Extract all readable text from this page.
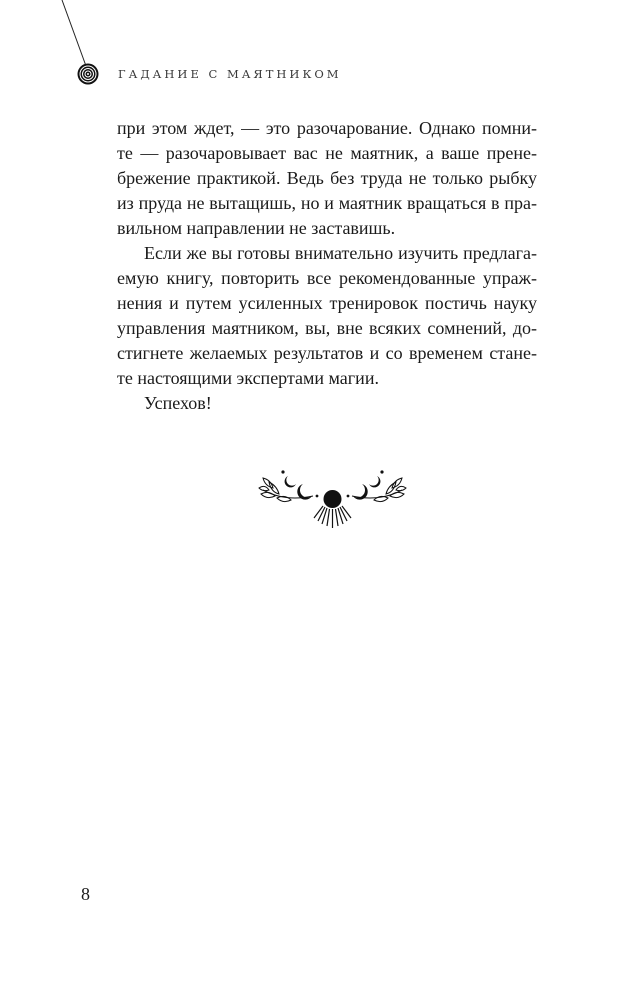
ГАДАНИЕ С МАЯТНИКОМ
при этом ждет, — это разочарование. Однако помни-
те — разочаровывает вас не маятник, а ваше прене-
брежение практикой. Ведь без труда не только рыбку
из пруда не вытащишь, но и маятник вращаться в пра-
вильном направлении не заставишь.
Если же вы готовы внимательно изучить предлага-
емую книгу, повторить все рекомендованные упраж-
нения и путем усиленных тренировок постичь науку
управления маятником, вы, вне всяких сомнений, до-
стигнете желаемых результатов и со временем стане-
те настоящими экспертами магии.
Успехов!
8
